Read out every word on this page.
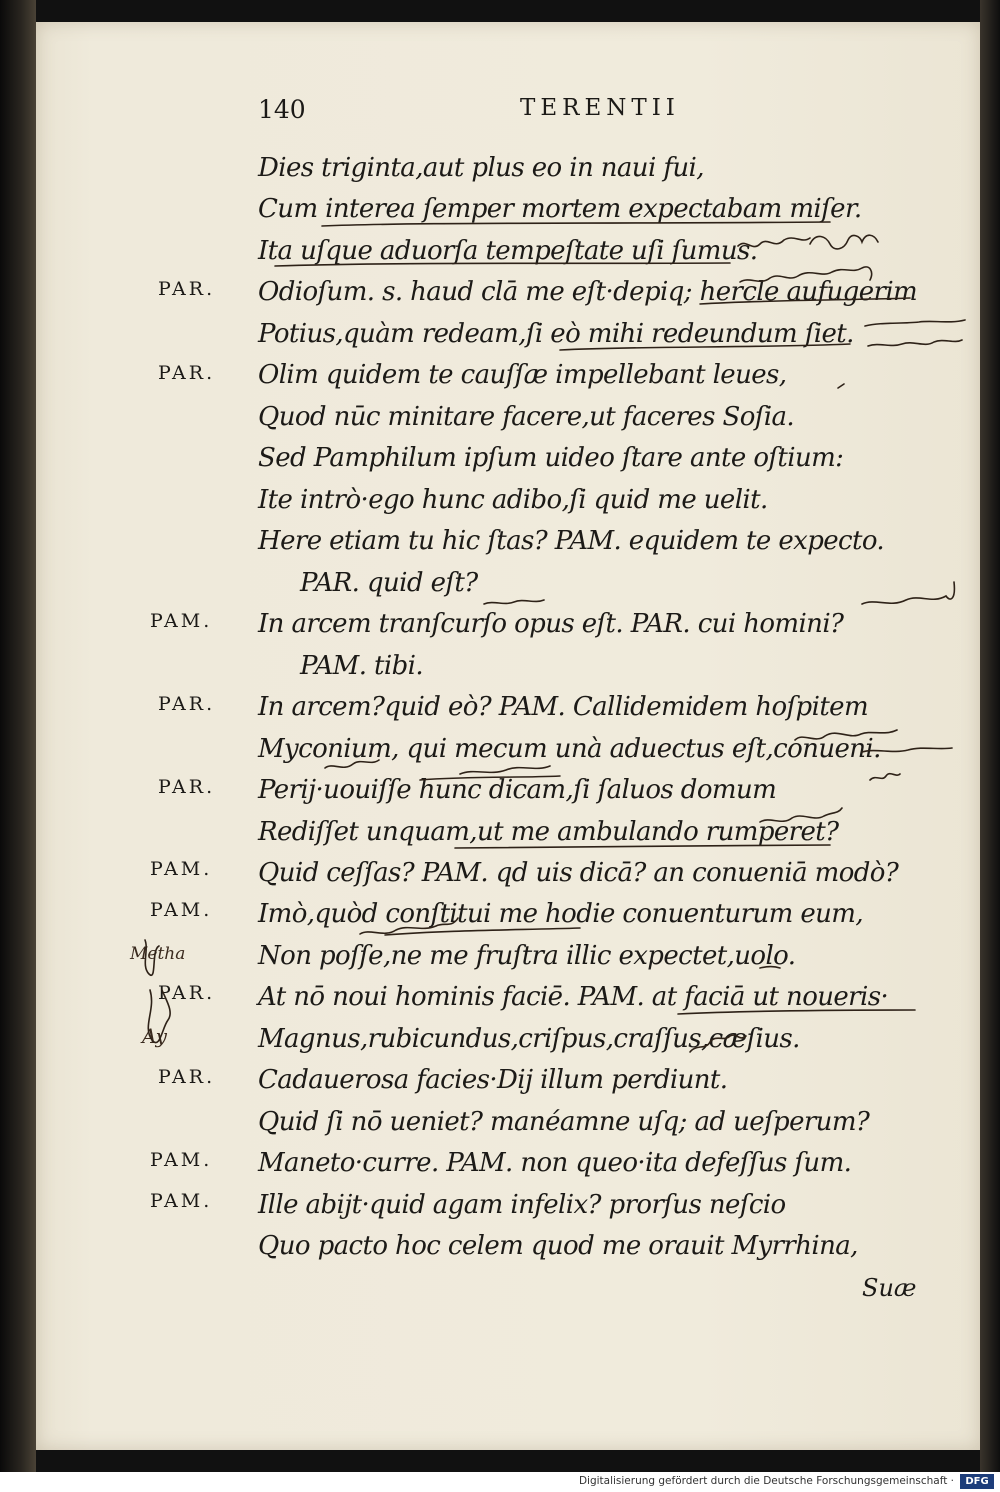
140	TERENTII
PAR.
PAR.
PAM.
PAR.
PAR.
PAM.
PAM.
PAR.
PAR.
PAM.
PAM.
Dies triginta,aut plus eo in naui fui,
Cum interea ſemper mortem expectabam miſer.
Ita uſque aduorſa tempeſtate uſi ſumus.
Odioſum. s. haud clā me eſt·depiq; hercle aufugerim
Potius,quàm redeam,ſi eò mihi redeundum ſiet.
Olim quidem te cauſſæ impellebant leues,
Quod nūc minitare facere,ut faceres Soſia.
Sed Pamphilum ipſum uideo ſtare ante oſtium:
Ite intrò·ego hunc adibo,ſi quid me uelit.
Here etiam tu hic ſtas? PAM. equidem te expecto.
PAR. quid eſt?
In arcem tranſcurſo opus eſt. PAR. cui homini?
PAM. tibi.
In arcem?quid eò? PAM. Callidemidem hoſpitem
Myconium, qui mecum unà aduectus eſt,conueni.
Perij·uouiſſe hunc dicam,ſi ſaluos domum
Rediſſet unquam,ut me ambulando rumperet?
Quid ceſſas? PAM. qd uis dicā? an conueniā modò?
Imò,quòd conſtitui me hodie conuenturum eum,
Non poſſe,ne me fruſtra illic expectet,uolo.
At nō noui hominis faciē. PAM. at faciā ut noueris·
Magnus,rubicundus,criſpus,craſſus,cæſius.
Cadauerosa facies·Dij illum perdiunt.
Quid ſi nō ueniet? manéamne uſq; ad ueſperum?
Maneto·curre. PAM. non queo·ita defeſſus ſum.
Ille abijt·quid agam infelix? prorſus neſcio
Quo pacto hoc celem quod me orauit Myrrhina,
Suæ
Metha
Ay
Digitalisierung gefördert durch die Deutsche Forschungsgemeinschaft ·	DFG
